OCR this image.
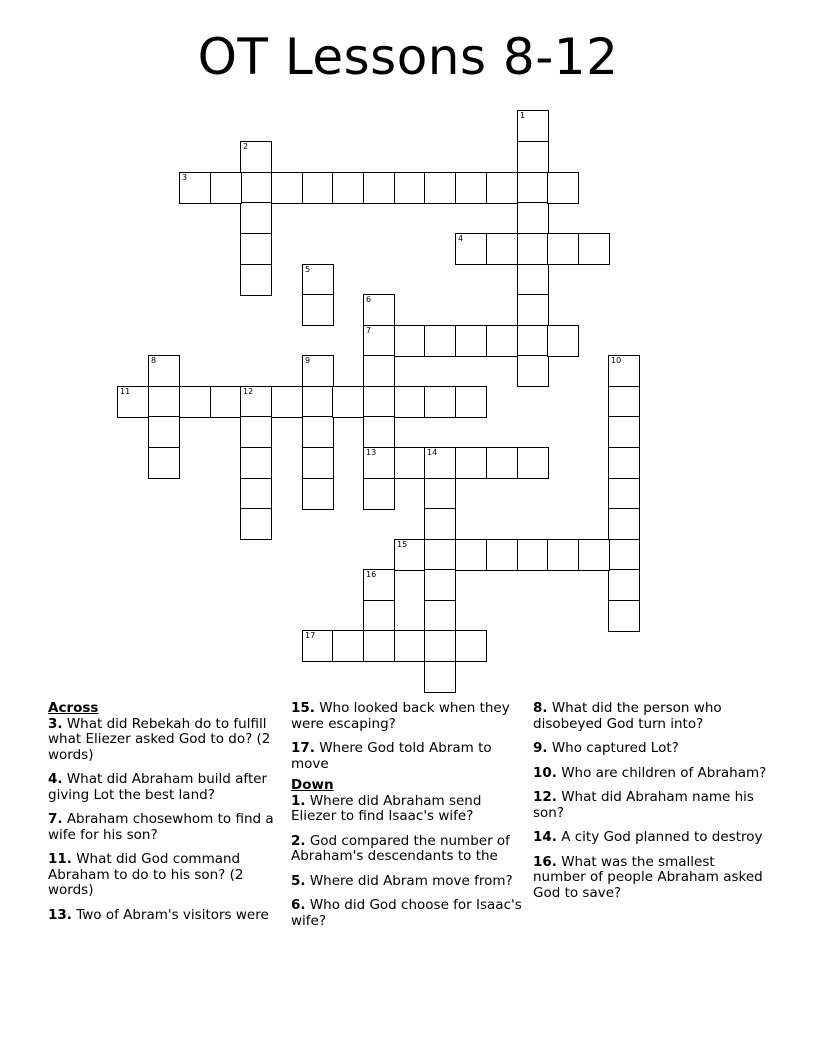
OT Lessons 8-12
1
2
3
4
5
6
7
13
8	9	10
11	12
14
15
16
17
Across
3. What did Rebekah do to fulfill what Eliezer asked God to do? (2 words)
4. What did Abraham build after giving Lot the best land?
7. Abraham chosewhom to find a wife for his son?
11. What did God command Abraham to do to his son? (2 words)
13. Two of Abram's visitors were
15. Who looked back when they were escaping?
17. Where God told Abram to move
Down
1. Where did Abraham send Eliezer to find Isaac's wife?
2. God compared the number of Abraham's descendants to the
5. Where did Abram move from?
6. Who did God choose for Isaac's wife?
8. What did the person who disobeyed God turn into?
9. Who captured Lot?
10. Who are children of Abraham?
12. What did Abraham name his son?
14. A city God planned to destroy
16. What was the smallest number of people Abraham asked God to save?
